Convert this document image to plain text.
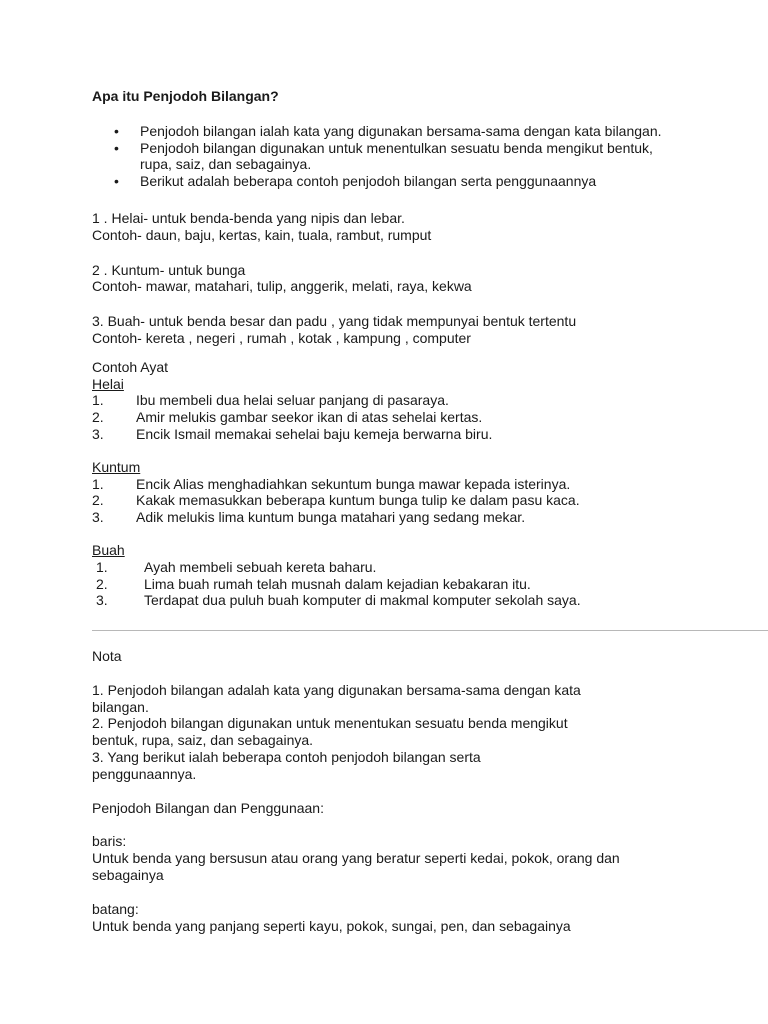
Apa itu Penjodoh Bilangan?

• Penjodoh bilangan ialah kata yang digunakan bersama-sama dengan kata bilangan.
• Penjodoh bilangan digunakan untuk menentulkan sesuatu benda mengikut bentuk, rupa, saiz, dan sebagainya.
• Berikut adalah beberapa contoh penjodoh bilangan serta penggunaannya

1 . Helai- untuk benda-benda yang nipis dan lebar.

Contoh- daun, baju, kertas, kain, tuala, rambut, rumput

2 . Kuntum- untuk bunga

Contoh- mawar, matahari, tulip, anggerik, melati, raya, kekwa

3. Buah- untuk benda besar dan padu , yang tidak mempunyai bentuk tertentu

Contoh- kereta , negeri , rumah , kotak , kampung , computer

Contoh Ayat

Helai

1.	Ibu membeli dua helai seluar panjang di pasaraya.
2.	Amir melukis gambar seekor ikan di atas sehelai kertas.
3.	Encik Ismail memakai sehelai baju kemeja berwarna biru.

Kuntum

1.	Encik Alias menghadiahkan sekuntum bunga mawar kepada isterinya.
2.	Kakak memasukkan beberapa kuntum bunga tulip ke dalam pasu kaca.
3.	Adik melukis lima kuntum bunga matahari yang sedang mekar.

Buah

1.	Ayah membeli sebuah kereta baharu.
2.	Lima buah rumah telah musnah dalam kejadian kebakaran itu.
3.	Terdapat dua puluh buah komputer di makmal komputer sekolah saya.

Nota

1. Penjodoh bilangan adalah kata yang digunakan bersama-sama dengan kata bilangan.

2. Penjodoh bilangan digunakan untuk menentukan sesuatu benda mengikut bentuk, rupa, saiz, dan sebagainya.

3. Yang berikut ialah beberapa contoh penjodoh bilangan serta penggunaannya.

Penjodoh Bilangan dan Penggunaan:

baris:

Untuk benda yang bersusun atau orang yang beratur seperti kedai, pokok, orang dan sebagainya

batang:

Untuk benda yang panjang seperti kayu, pokok, sungai, pen, dan sebagainya
